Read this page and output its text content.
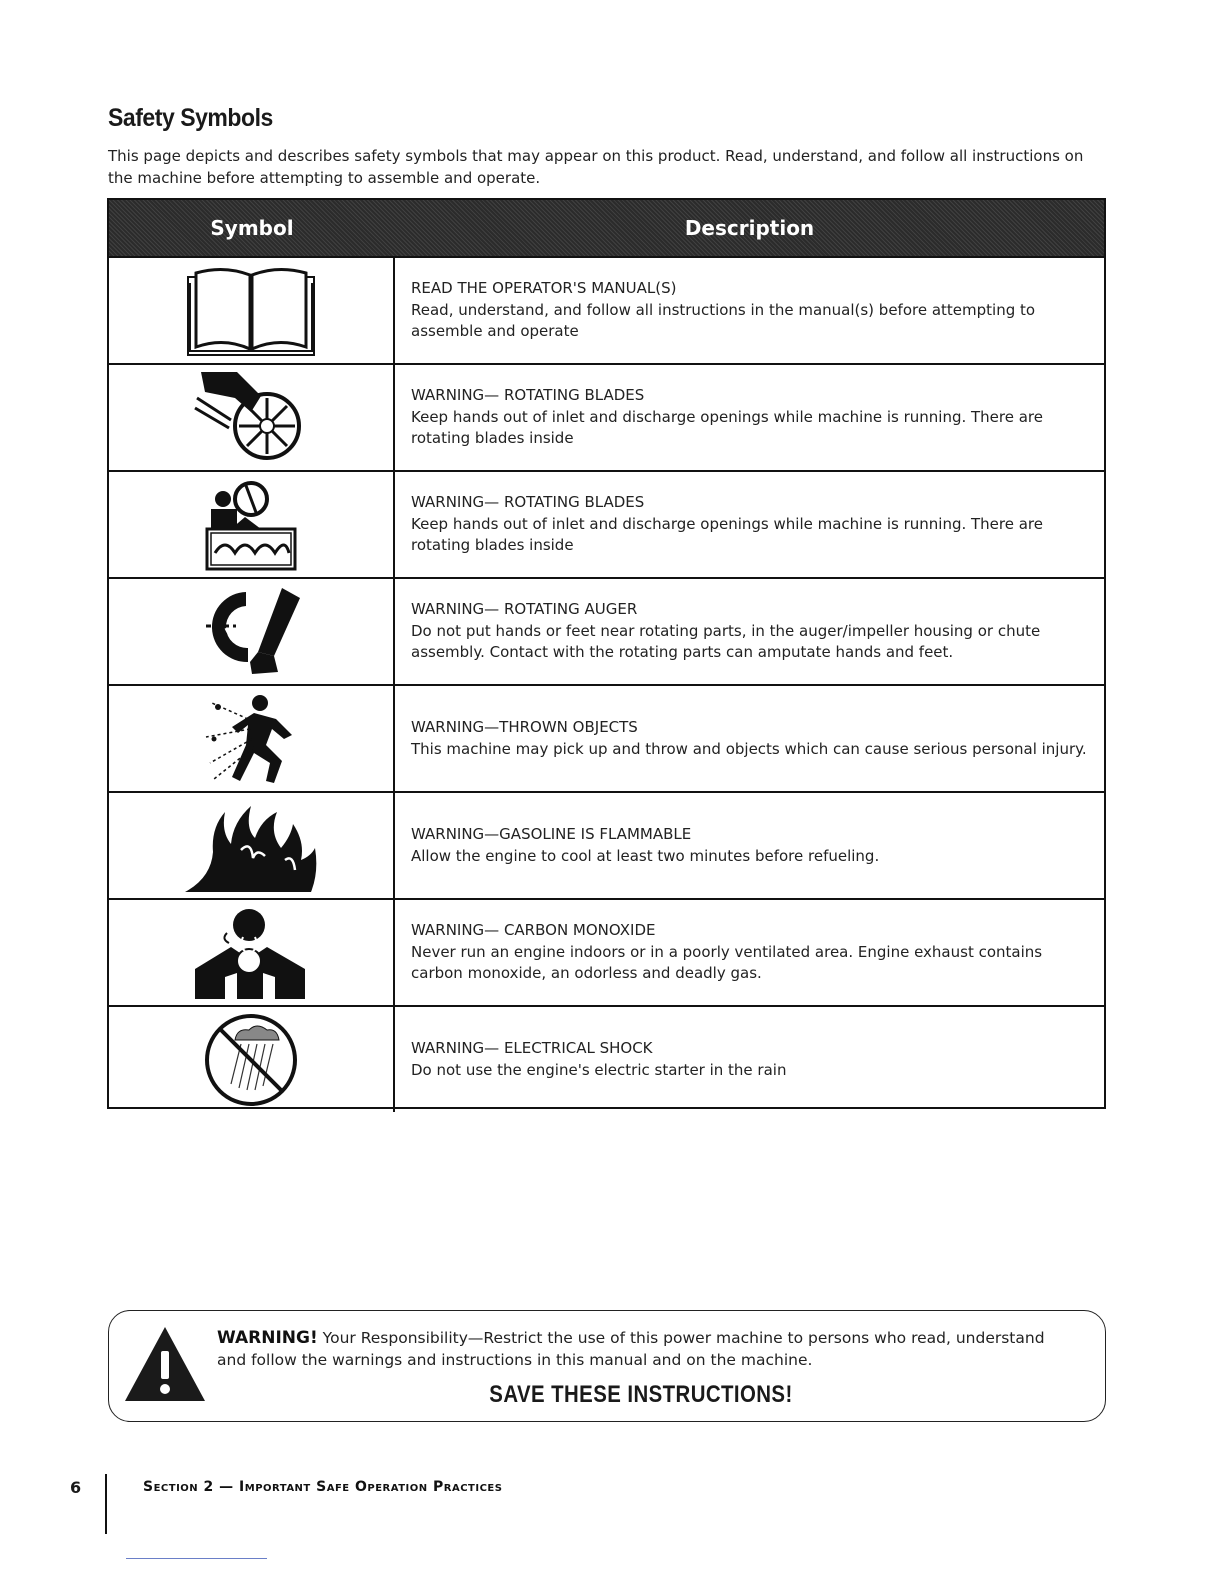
Safety Symbols
This page depicts and describes safety symbols that may appear on this product. Read, understand, and follow all instructions on the machine before attempting to assemble and operate.
Symbol	Description
READ THE OPERATOR'S MANUAL(S)
Read, understand, and follow all instructions in the manual(s) before attempting to assemble and operate
WARNING— ROTATING BLADES
Keep hands out of inlet and discharge openings while machine is running. There are rotating blades inside
WARNING— ROTATING BLADES
Keep hands out of inlet and discharge openings while machine is running. There are rotating blades inside
WARNING— ROTATING AUGER
Do not put hands or feet near rotating parts, in the auger/impeller housing or chute assembly. Contact with the rotating parts can amputate hands and feet.
WARNING—THROWN OBJECTS
This machine may pick up and throw and objects which can cause serious personal injury.
WARNING—GASOLINE IS FLAMMABLE
Allow the engine to cool at least two minutes before refueling.
WARNING— CARBON MONOXIDE
Never run an engine indoors or in a poorly ventilated area. Engine exhaust contains carbon monoxide, an odorless and deadly gas.
WARNING— ELECTRICAL SHOCK
Do not use the engine's electric starter in the rain
WARNING! Your Responsibility—Restrict the use of this power machine to persons who read, understand and follow the warnings and instructions in this manual and on the machine.
SAVE THESE INSTRUCTIONS!
6	Section 2 — Important Safe Operation Practices
